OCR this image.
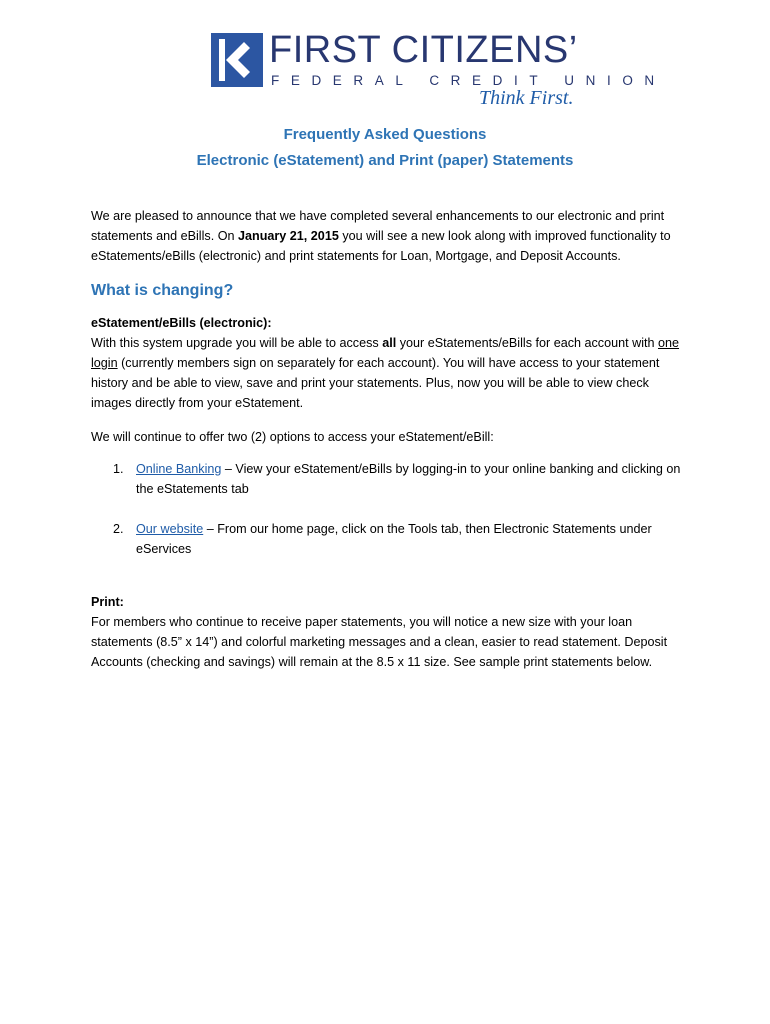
FIRST CITIZENS’
FEDERAL CREDIT UNION
Think First.
Frequently Asked Questions
Electronic (eStatement) and Print (paper) Statements
We are pleased to announce that we have completed several enhancements to our electronic and print statements and eBills. On January 21, 2015 you will see a new look along with improved functionality to eStatements/eBills (electronic) and print statements for Loan, Mortgage, and Deposit Accounts.
What is changing?
eStatement/eBills (electronic):
With this system upgrade you will be able to access all your eStatements/eBills for each account with one login (currently members sign on separately for each account). You will have access to your statement history and be able to view, save and print your statements. Plus, now you will be able to view check images directly from your eStatement.
We will continue to offer two (2) options to access your eStatement/eBill:
1. Online Banking – View your eStatement/eBills by logging-in to your online banking and clicking on the eStatements tab
2. Our website – From our home page, click on the Tools tab, then Electronic Statements under eServices
Print:
For members who continue to receive paper statements, you will notice a new size with your loan statements (8.5” x 14”) and colorful marketing messages and a clean, easier to read statement. Deposit Accounts (checking and savings) will remain at the 8.5 x 11 size. See sample print statements below.
